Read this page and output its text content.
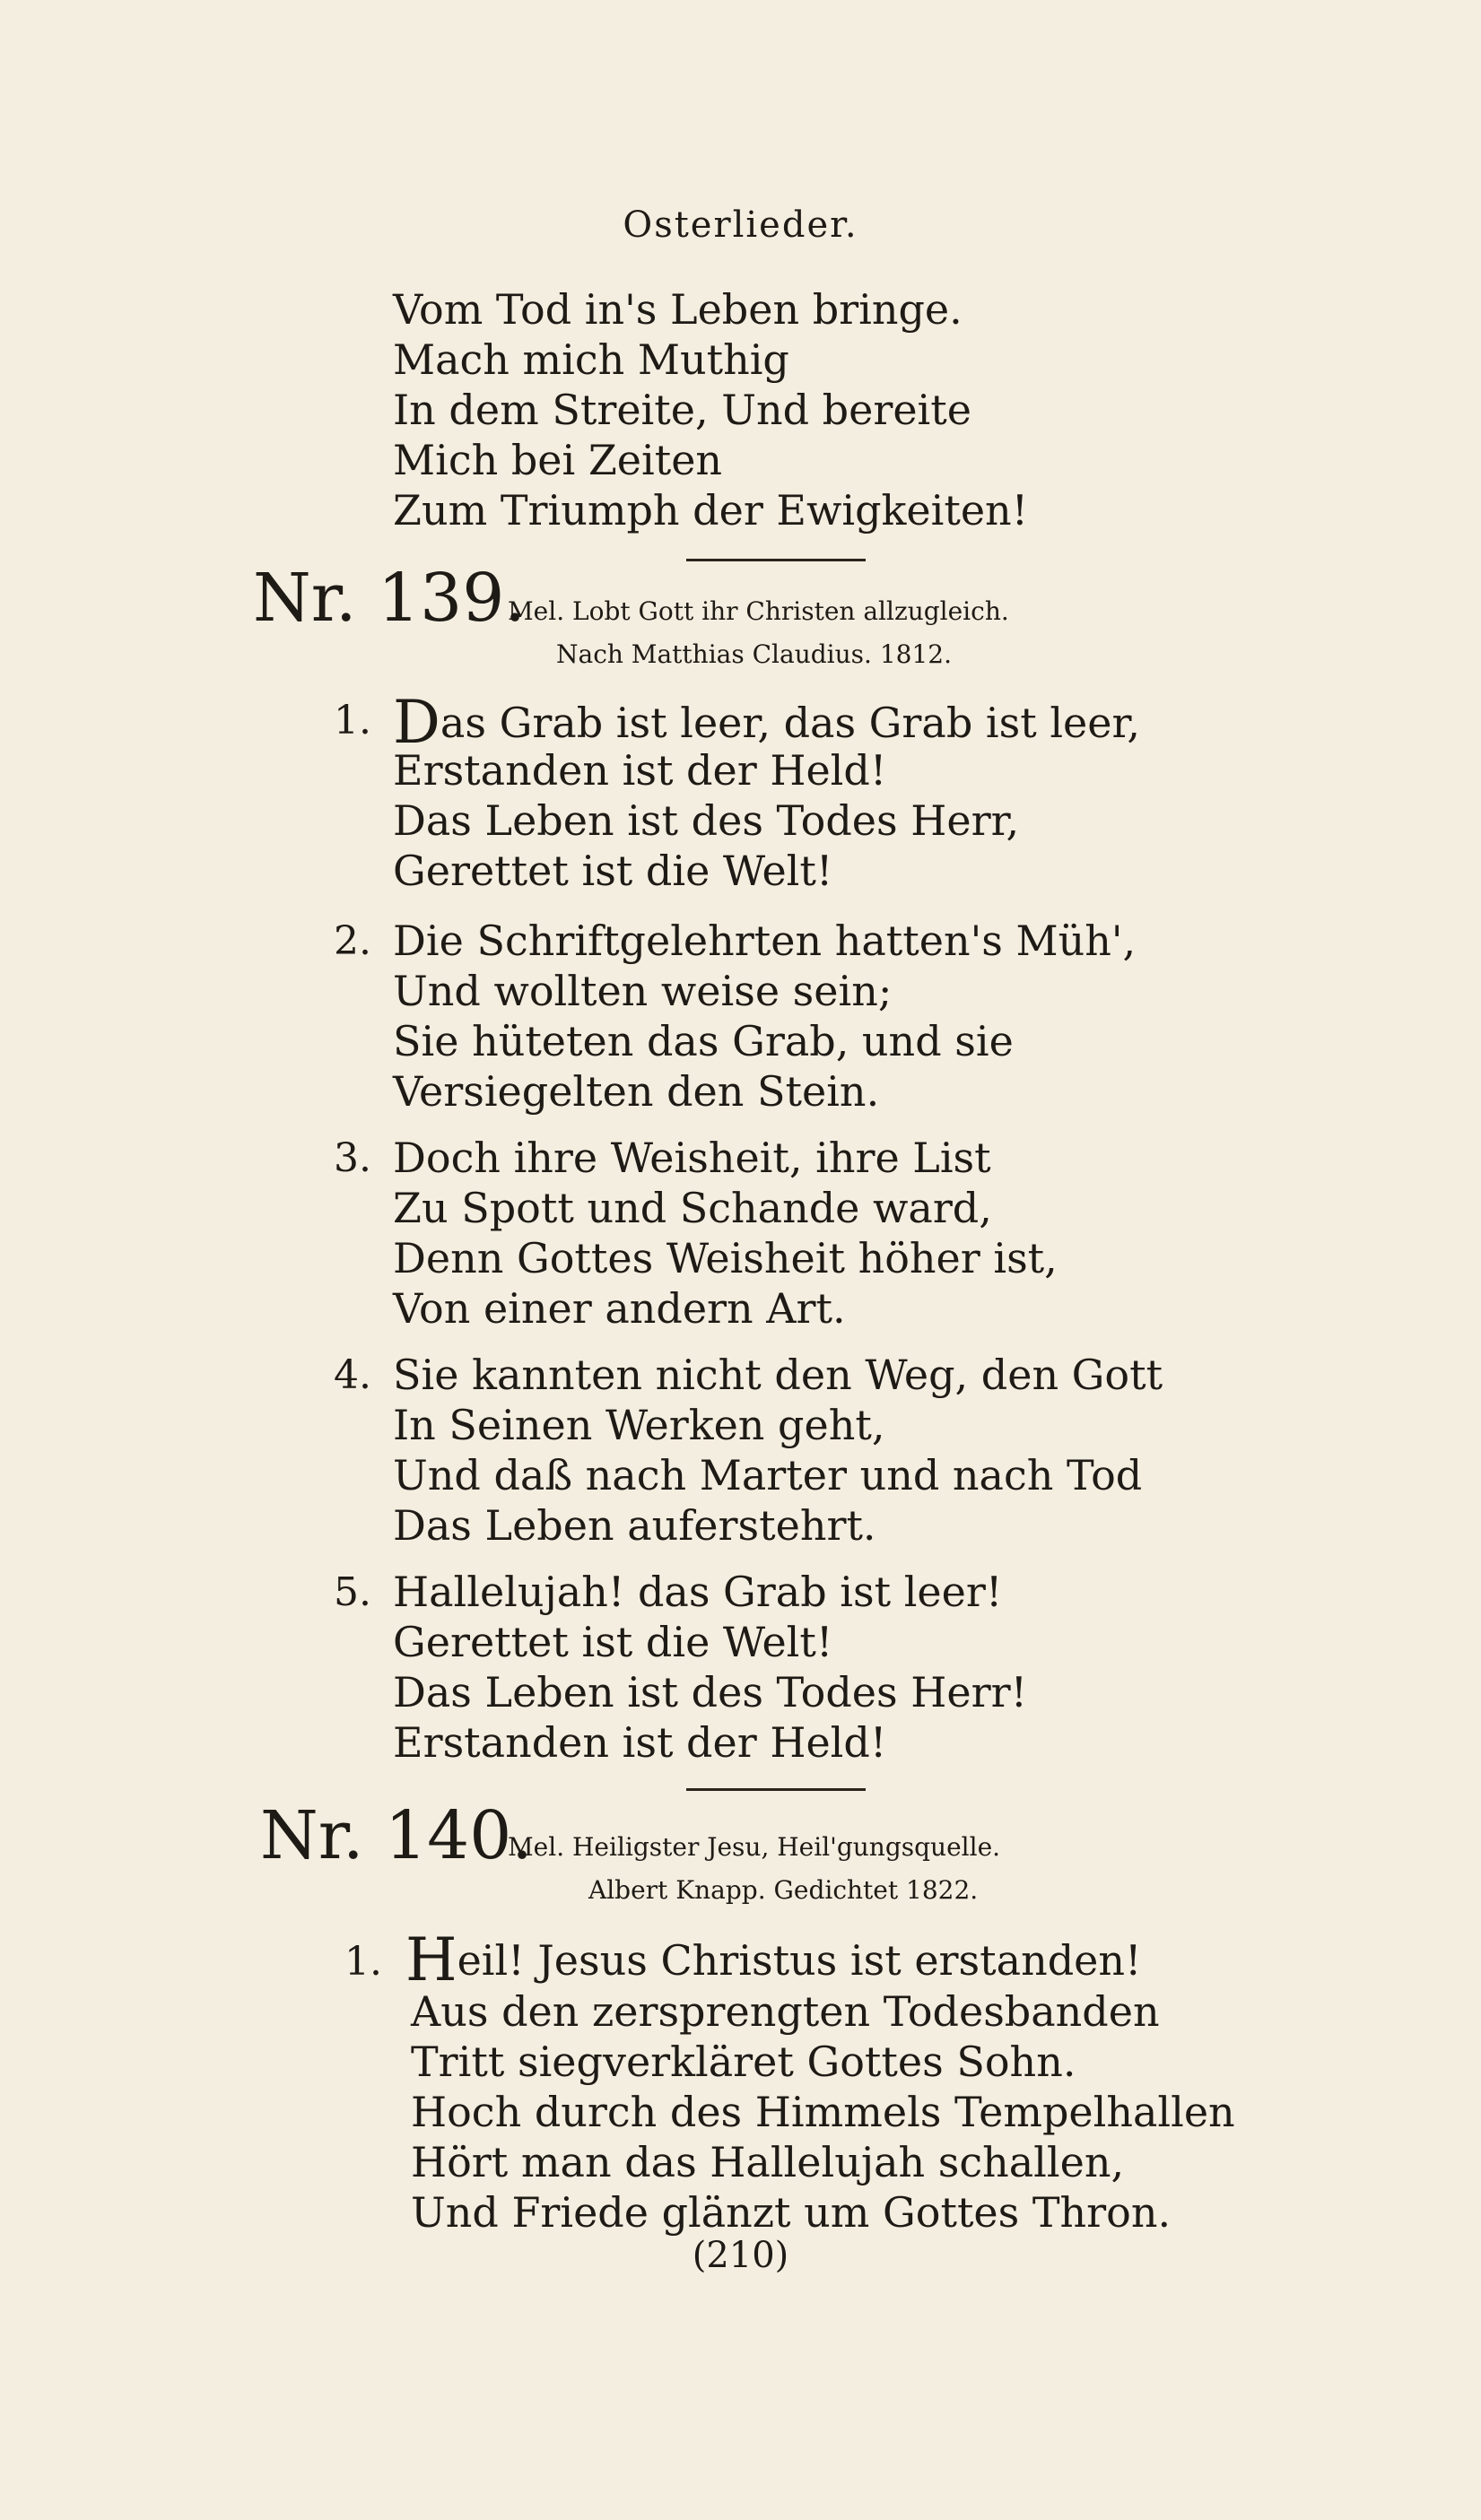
Osterlieder.
Vom Tod in's Leben bringe.
Mach mich Muthig
In dem Streite, Und bereite
Mich bei Zeiten
Zum Triumph der Ewigkeiten!
Nr. 139.
Mel. Lobt Gott ihr Christen allzugleich.
Nach Matthias Claudius. 1812.
1. Das Grab ist leer, das Grab ist leer,
Erstanden ist der Held!
Das Leben ist des Todes Herr,
Gerettet ist die Welt!
2. Die Schriftgelehrten hatten's Müh',
Und wollten weise sein;
Sie hüteten das Grab, und sie
Versiegelten den Stein.
3. Doch ihre Weisheit, ihre List
Zu Spott und Schande ward,
Denn Gottes Weisheit höher ist,
Von einer andern Art.
4. Sie kannten nicht den Weg, den Gott
In Seinen Werken geht,
Und daß nach Marter und nach Tod
Das Leben auferstehrt.
5. Hallelujah! das Grab ist leer!
Gerettet ist die Welt!
Das Leben ist des Todes Herr!
Erstanden ist der Held!
Nr. 140.
Mel. Heiligster Jesu, Heil'gungsquelle.
Albert Knapp. Gedichtet 1822.
1. Heil! Jesus Christus ist erstanden!
Aus den zersprengten Todesbanden
Tritt siegverkläret Gottes Sohn.
Hoch durch des Himmels Tempelhallen
Hört man das Hallelujah schallen,
Und Friede glänzt um Gottes Thron.
(210)
